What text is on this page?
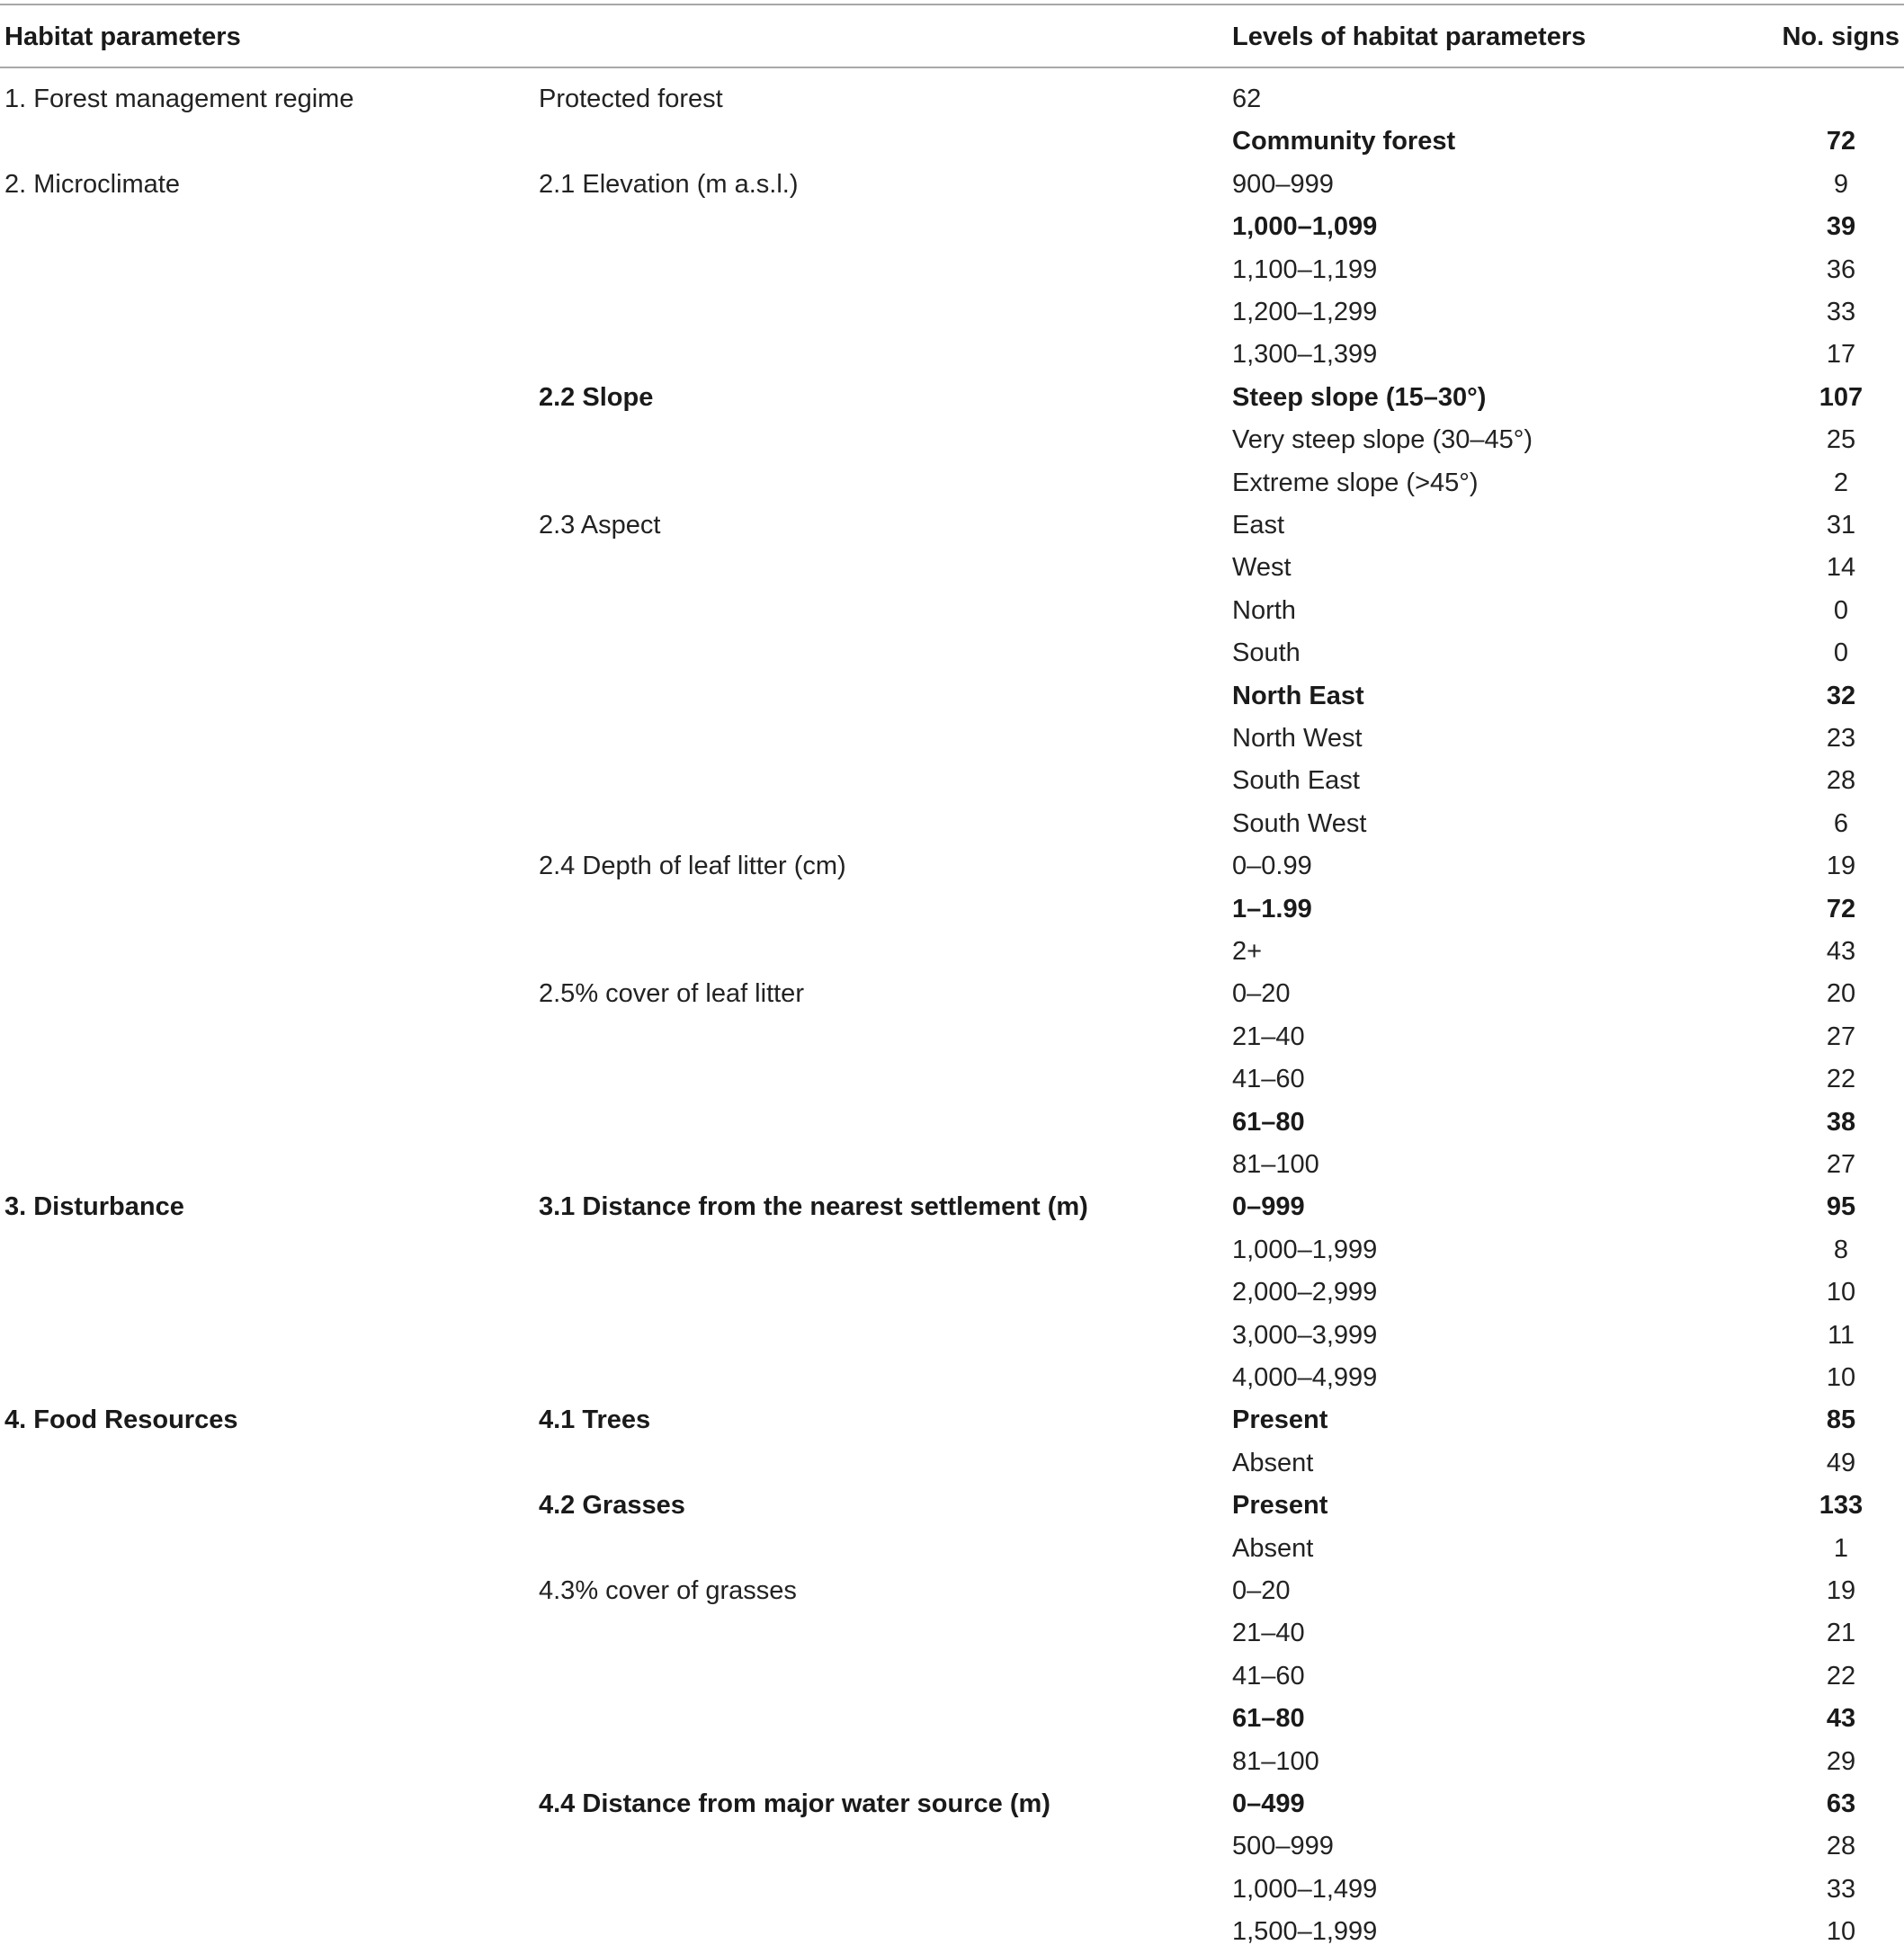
Habitat parameters	Levels of habitat parameters	No. signs
1. Forest management regime	Protected forest	62
Community forest	72
2. Microclimate	2.1 Elevation (m a.s.l.)	900–999	9
1,000–1,099	39
1,100–1,199	36
1,200–1,299	33
1,300–1,399	17
2.2 Slope	Steep slope (15–30°)	107
Very steep slope (30–45°)	25
Extreme slope (>45°)	2
2.3 Aspect	East	31
West	14
North	0
South	0
North East	32
North West	23
South East	28
South West	6
2.4 Depth of leaf litter (cm)	0–0.99	19
1–1.99	72
2+	43
2.5% cover of leaf litter	0–20	20
21–40	27
41–60	22
61–80	38
81–100	27
3. Disturbance	3.1 Distance from the nearest settlement (m)	0–999	95
1,000–1,999	8
2,000–2,999	10
3,000–3,999	11
4,000–4,999	10
4. Food Resources	4.1 Trees	Present	85
Absent	49
4.2 Grasses	Present	133
Absent	1
4.3% cover of grasses	0–20	19
21–40	21
41–60	22
61–80	43
81–100	29
4.4 Distance from major water source (m)	0–499	63
500–999	28
1,000–1,499	33
1,500–1,999	10
